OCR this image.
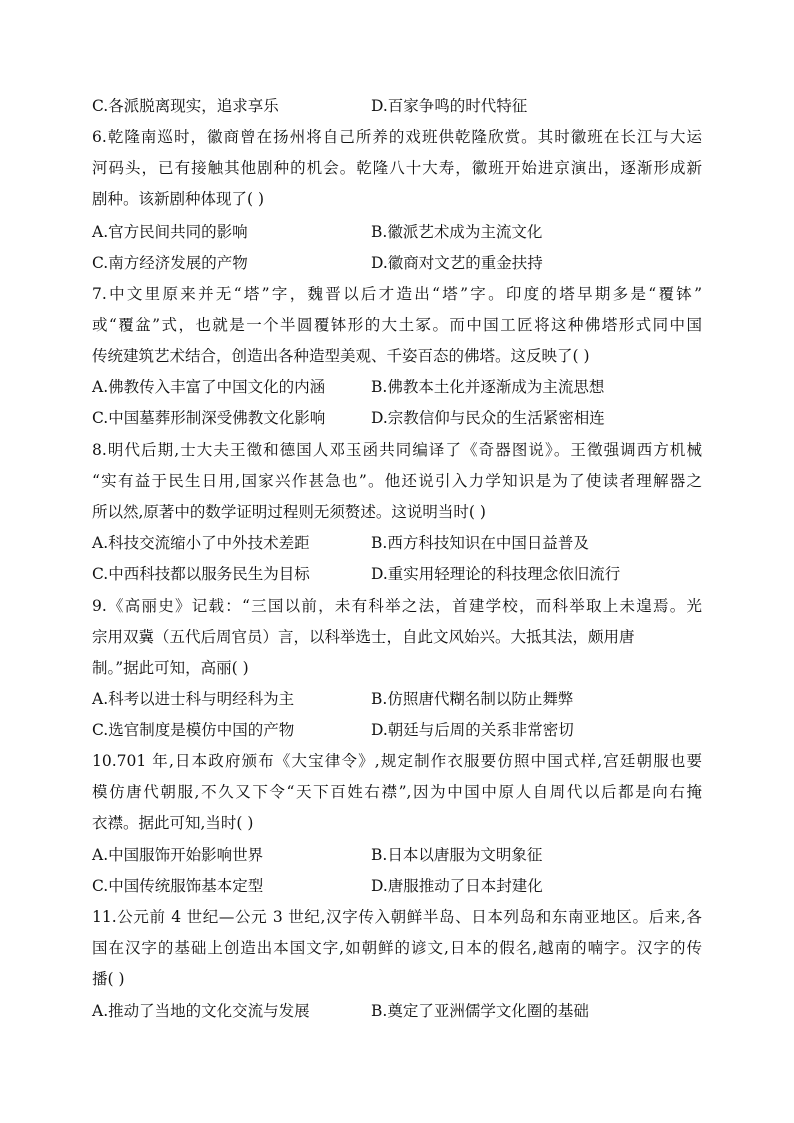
C.各派脱离现实，追求享乐	D.百家争鸣的时代特征
6.乾隆南巡时，徽商曾在扬州将自己所养的戏班供乾隆欣赏。其时徽班在长江与大运
河码头，已有接触其他剧种的机会。乾隆八十大寿，徽班开始进京演出，逐渐形成新
剧种。该新剧种体现了( )
A.官方民间共同的影响	B.徽派艺术成为主流文化
C.南方经济发展的产物	D.徽商对文艺的重金扶持
7.中文里原来并无“塔”字，魏晋以后才造出“塔”字。印度的塔早期多是“覆钵”
或“覆盆”式，也就是一个半圆覆钵形的大土冢。而中国工匠将这种佛塔形式同中国
传统建筑艺术结合，创造出各种造型美观、千姿百态的佛塔。这反映了( )
A.佛教传入丰富了中国文化的内涵	B.佛教本土化并逐渐成为主流思想
C.中国墓葬形制深受佛教文化影响	D.宗教信仰与民众的生活紧密相连
8.明代后期,士大夫王徵和德国人邓玉函共同编译了《奇器图说》。王徵强调西方机械
“实有益于民生日用,国家兴作甚急也”。他还说引入力学知识是为了使读者理解器之
所以然,原著中的数学证明过程则无须赘述。这说明当时( )
A.科技交流缩小了中外技术差距	B.西方科技知识在中国日益普及
C.中西科技都以服务民生为目标	D.重实用轻理论的科技理念依旧流行
9.《高丽史》记载：“三国以前，未有科举之法，首建学校，而科举取上未遑焉。光
宗用双冀（五代后周官员）言，以科举选士，自此文风始兴。大抵其法，颇用唐
制。”据此可知，高丽( )
A.科考以进士科与明经科为主	B.仿照唐代糊名制以防止舞弊
C.选官制度是模仿中国的产物	D.朝廷与后周的关系非常密切
10.701 年,日本政府颁布《大宝律令》,规定制作衣服要仿照中国式样,宫廷朝服也要
模仿唐代朝服,不久又下令“天下百姓右襟”,因为中国中原人自周代以后都是向右掩
衣襟。据此可知,当时( )
A.中国服饰开始影响世界	B.日本以唐服为文明象征
C.中国传统服饰基本定型	D.唐服推动了日本封建化
11.公元前 4 世纪—公元 3 世纪,汉字传入朝鲜半岛、日本列岛和东南亚地区。后来,各
国在汉字的基础上创造出本国文字,如朝鲜的谚文,日本的假名,越南的喃字。汉字的传
播( )
A.推动了当地的文化交流与发展	B.奠定了亚洲儒学文化圈的基础
